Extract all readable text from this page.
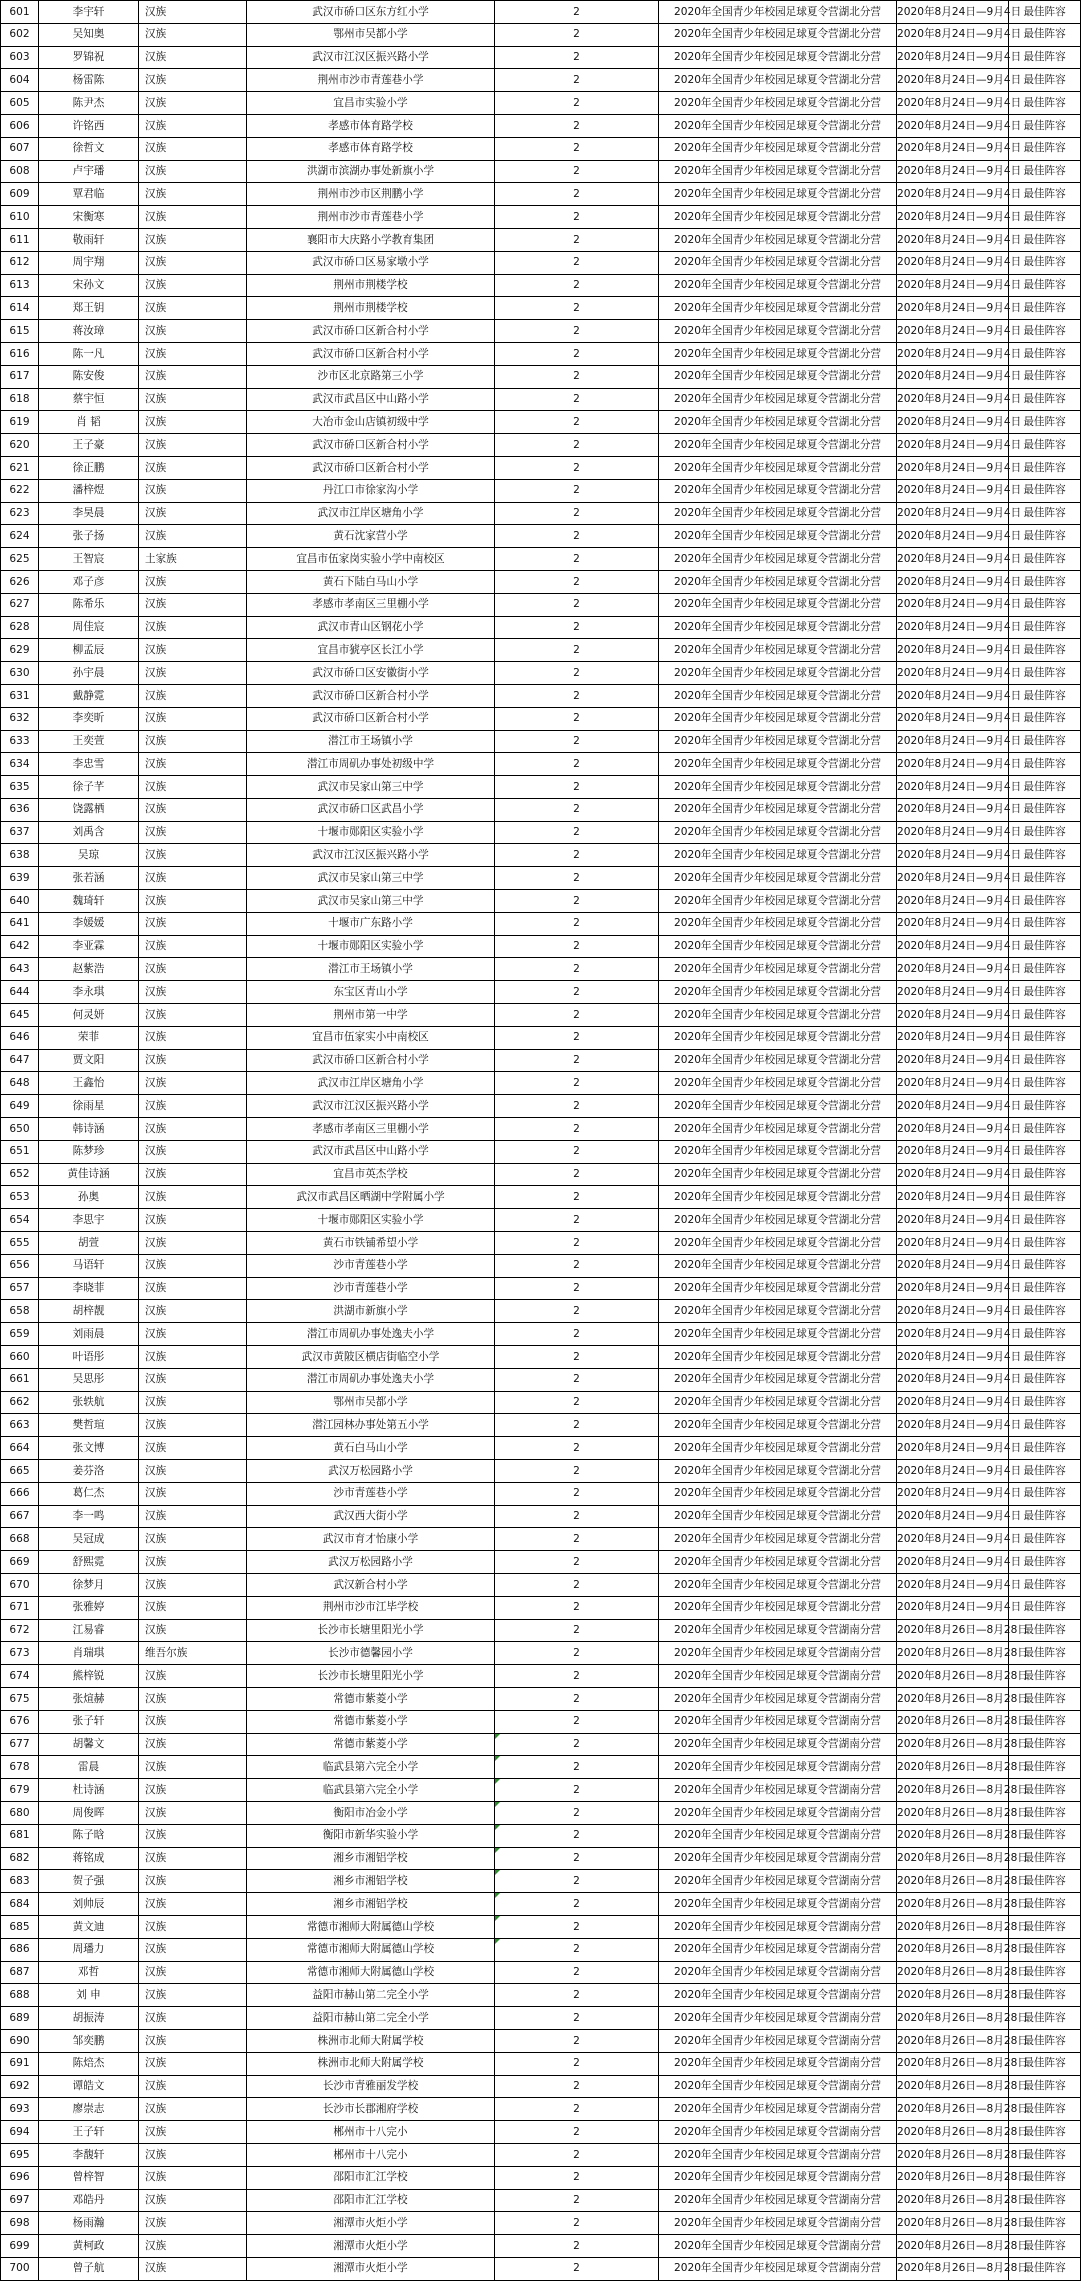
601	李宇轩	汉族	武汉市硚口区东方红小学	2	2020年全国青少年校园足球夏令营湖北分营	2020年8月24日—9月4日	最佳阵容
602	吴知奥	汉族	鄂州市吴都小学	2	2020年全国青少年校园足球夏令营湖北分营	2020年8月24日—9月4日	最佳阵容
603	罗锦祝	汉族	武汉市江汉区振兴路小学	2	2020年全国青少年校园足球夏令营湖北分营	2020年8月24日—9月4日	最佳阵容
604	杨雷陈	汉族	荆州市沙市青莲巷小学	2	2020年全国青少年校园足球夏令营湖北分营	2020年8月24日—9月4日	最佳阵容
605	陈尹杰	汉族	宜昌市实验小学	2	2020年全国青少年校园足球夏令营湖北分营	2020年8月24日—9月4日	最佳阵容
606	许铭西	汉族	孝感市体育路学校	2	2020年全国青少年校园足球夏令营湖北分营	2020年8月24日—9月4日	最佳阵容
607	徐哲文	汉族	孝感市体育路学校	2	2020年全国青少年校园足球夏令营湖北分营	2020年8月24日—9月4日	最佳阵容
608	卢宇璠	汉族	洪湖市滨湖办事处新旗小学	2	2020年全国青少年校园足球夏令营湖北分营	2020年8月24日—9月4日	最佳阵容
609	覃君临	汉族	荆州市沙市区荆鹏小学	2	2020年全国青少年校园足球夏令营湖北分营	2020年8月24日—9月4日	最佳阵容
610	宋衡寒	汉族	荆州市沙市青莲巷小学	2	2020年全国青少年校园足球夏令营湖北分营	2020年8月24日—9月4日	最佳阵容
611	敬雨轩	汉族	襄阳市大庆路小学教育集团	2	2020年全国青少年校园足球夏令营湖北分营	2020年8月24日—9月4日	最佳阵容
612	周宇翔	汉族	武汉市硚口区易家墩小学	2	2020年全国青少年校园足球夏令营湖北分营	2020年8月24日—9月4日	最佳阵容
613	宋孙文	汉族	荆州市荆楼学校	2	2020年全国青少年校园足球夏令营湖北分营	2020年8月24日—9月4日	最佳阵容
614	郑王钥	汉族	荆州市荆楼学校	2	2020年全国青少年校园足球夏令营湖北分营	2020年8月24日—9月4日	最佳阵容
615	蒋汝璋	汉族	武汉市硚口区新合村小学	2	2020年全国青少年校园足球夏令营湖北分营	2020年8月24日—9月4日	最佳阵容
616	陈一凡	汉族	武汉市硚口区新合村小学	2	2020年全国青少年校园足球夏令营湖北分营	2020年8月24日—9月4日	最佳阵容
617	陈安俊	汉族	沙市区北京路第三小学	2	2020年全国青少年校园足球夏令营湖北分营	2020年8月24日—9月4日	最佳阵容
618	蔡宇恒	汉族	武汉市武昌区中山路小学	2	2020年全国青少年校园足球夏令营湖北分营	2020年8月24日—9月4日	最佳阵容
619	肖 韬	汉族	大冶市金山店镇初级中学	2	2020年全国青少年校园足球夏令营湖北分营	2020年8月24日—9月4日	最佳阵容
620	王子豪	汉族	武汉市硚口区新合村小学	2	2020年全国青少年校园足球夏令营湖北分营	2020年8月24日—9月4日	最佳阵容
621	徐正鹏	汉族	武汉市硚口区新合村小学	2	2020年全国青少年校园足球夏令营湖北分营	2020年8月24日—9月4日	最佳阵容
622	潘梓煜	汉族	丹江口市徐家沟小学	2	2020年全国青少年校园足球夏令营湖北分营	2020年8月24日—9月4日	最佳阵容
623	李昊晨	汉族	武汉市江岸区塘角小学	2	2020年全国青少年校园足球夏令营湖北分营	2020年8月24日—9月4日	最佳阵容
624	张子扬	汉族	黄石沈家营小学	2	2020年全国青少年校园足球夏令营湖北分营	2020年8月24日—9月4日	最佳阵容
625	王智宸	土家族	宜昌市伍家岗实验小学中南校区	2	2020年全国青少年校园足球夏令营湖北分营	2020年8月24日—9月4日	最佳阵容
626	邓子彦	汉族	黄石下陆白马山小学	2	2020年全国青少年校园足球夏令营湖北分营	2020年8月24日—9月4日	最佳阵容
627	陈希乐	汉族	孝感市孝南区三里棚小学	2	2020年全国青少年校园足球夏令营湖北分营	2020年8月24日—9月4日	最佳阵容
628	周佳宸	汉族	武汉市青山区钢花小学	2	2020年全国青少年校园足球夏令营湖北分营	2020年8月24日—9月4日	最佳阵容
629	柳孟辰	汉族	宜昌市猇亭区长江小学	2	2020年全国青少年校园足球夏令营湖北分营	2020年8月24日—9月4日	最佳阵容
630	孙宇晨	汉族	武汉市硚口区安徽街小学	2	2020年全国青少年校园足球夏令营湖北分营	2020年8月24日—9月4日	最佳阵容
631	戴静霓	汉族	武汉市硚口区新合村小学	2	2020年全国青少年校园足球夏令营湖北分营	2020年8月24日—9月4日	最佳阵容
632	李奕昕	汉族	武汉市硚口区新合村小学	2	2020年全国青少年校园足球夏令营湖北分营	2020年8月24日—9月4日	最佳阵容
633	王奕萱	汉族	潜江市王场镇小学	2	2020年全国青少年校园足球夏令营湖北分营	2020年8月24日—9月4日	最佳阵容
634	李忠雪	汉族	潜江市周矶办事处初级中学	2	2020年全国青少年校园足球夏令营湖北分营	2020年8月24日—9月4日	最佳阵容
635	徐子芊	汉族	武汉市吴家山第三中学	2	2020年全国青少年校园足球夏令营湖北分营	2020年8月24日—9月4日	最佳阵容
636	饶露栖	汉族	武汉市硚口区武昌小学	2	2020年全国青少年校园足球夏令营湖北分营	2020年8月24日—9月4日	最佳阵容
637	刘禹含	汉族	十堰市郧阳区实验小学	2	2020年全国青少年校园足球夏令营湖北分营	2020年8月24日—9月4日	最佳阵容
638	吴琼	汉族	武汉市江汉区振兴路小学	2	2020年全国青少年校园足球夏令营湖北分营	2020年8月24日—9月4日	最佳阵容
639	张若涵	汉族	武汉市吴家山第三中学	2	2020年全国青少年校园足球夏令营湖北分营	2020年8月24日—9月4日	最佳阵容
640	魏琦轩	汉族	武汉市吴家山第三中学	2	2020年全国青少年校园足球夏令营湖北分营	2020年8月24日—9月4日	最佳阵容
641	李媛媛	汉族	十堰市广东路小学	2	2020年全国青少年校园足球夏令营湖北分营	2020年8月24日—9月4日	最佳阵容
642	李亚霖	汉族	十堰市郧阳区实验小学	2	2020年全国青少年校园足球夏令营湖北分营	2020年8月24日—9月4日	最佳阵容
643	赵紫浩	汉族	潜江市王场镇小学	2	2020年全国青少年校园足球夏令营湖北分营	2020年8月24日—9月4日	最佳阵容
644	李永琪	汉族	东宝区青山小学	2	2020年全国青少年校园足球夏令营湖北分营	2020年8月24日—9月4日	最佳阵容
645	何灵妍	汉族	荆州市第一中学	2	2020年全国青少年校园足球夏令营湖北分营	2020年8月24日—9月4日	最佳阵容
646	荣菲	汉族	宜昌市伍家实小中南校区	2	2020年全国青少年校园足球夏令营湖北分营	2020年8月24日—9月4日	最佳阵容
647	贾文阳	汉族	武汉市硚口区新合村小学	2	2020年全国青少年校园足球夏令营湖北分营	2020年8月24日—9月4日	最佳阵容
648	王鑫怡	汉族	武汉市江岸区塘角小学	2	2020年全国青少年校园足球夏令营湖北分营	2020年8月24日—9月4日	最佳阵容
649	徐雨星	汉族	武汉市江汉区振兴路小学	2	2020年全国青少年校园足球夏令营湖北分营	2020年8月24日—9月4日	最佳阵容
650	韩诗涵	汉族	孝感市孝南区三里棚小学	2	2020年全国青少年校园足球夏令营湖北分营	2020年8月24日—9月4日	最佳阵容
651	陈梦珍	汉族	武汉市武昌区中山路小学	2	2020年全国青少年校园足球夏令营湖北分营	2020年8月24日—9月4日	最佳阵容
652	黄佳诗涵	汉族	宜昌市英杰学校	2	2020年全国青少年校园足球夏令营湖北分营	2020年8月24日—9月4日	最佳阵容
653	孙奥	汉族	武汉市武昌区晒湖中学附属小学	2	2020年全国青少年校园足球夏令营湖北分营	2020年8月24日—9月4日	最佳阵容
654	李思宇	汉族	十堰市郧阳区实验小学	2	2020年全国青少年校园足球夏令营湖北分营	2020年8月24日—9月4日	最佳阵容
655	胡萱	汉族	黄石市铁铺希望小学	2	2020年全国青少年校园足球夏令营湖北分营	2020年8月24日—9月4日	最佳阵容
656	马语轩	汉族	沙市青莲巷小学	2	2020年全国青少年校园足球夏令营湖北分营	2020年8月24日—9月4日	最佳阵容
657	李晓菲	汉族	沙市青莲巷小学	2	2020年全国青少年校园足球夏令营湖北分营	2020年8月24日—9月4日	最佳阵容
658	胡梓靓	汉族	洪湖市新旗小学	2	2020年全国青少年校园足球夏令营湖北分营	2020年8月24日—9月4日	最佳阵容
659	刘雨晨	汉族	潜江市周矶办事处逸夫小学	2	2020年全国青少年校园足球夏令营湖北分营	2020年8月24日—9月4日	最佳阵容
660	叶语彤	汉族	武汉市黄陂区横店街临空小学	2	2020年全国青少年校园足球夏令营湖北分营	2020年8月24日—9月4日	最佳阵容
661	吴思彤	汉族	潜江市周矶办事处逸夫小学	2	2020年全国青少年校园足球夏令营湖北分营	2020年8月24日—9月4日	最佳阵容
662	张轶航	汉族	鄂州市吴都小学	2	2020年全国青少年校园足球夏令营湖北分营	2020年8月24日—9月4日	最佳阵容
663	樊哲瑄	汉族	潜江园林办事处第五小学	2	2020年全国青少年校园足球夏令营湖北分营	2020年8月24日—9月4日	最佳阵容
664	张文博	汉族	黄石白马山小学	2	2020年全国青少年校园足球夏令营湖北分营	2020年8月24日—9月4日	最佳阵容
665	姜芬洛	汉族	武汉万松园路小学	2	2020年全国青少年校园足球夏令营湖北分营	2020年8月24日—9月4日	最佳阵容
666	葛仁杰	汉族	沙市青莲巷小学	2	2020年全国青少年校园足球夏令营湖北分营	2020年8月24日—9月4日	最佳阵容
667	李一鸣	汉族	武汉西大街小学	2	2020年全国青少年校园足球夏令营湖北分营	2020年8月24日—9月4日	最佳阵容
668	吴冠成	汉族	武汉市育才怡康小学	2	2020年全国青少年校园足球夏令营湖北分营	2020年8月24日—9月4日	最佳阵容
669	舒熙霓	汉族	武汉万松园路小学	2	2020年全国青少年校园足球夏令营湖北分营	2020年8月24日—9月4日	最佳阵容
670	徐梦月	汉族	武汉新合村小学	2	2020年全国青少年校园足球夏令营湖北分营	2020年8月24日—9月4日	最佳阵容
671	张雅婷	汉族	荆州市沙市江毕学校	2	2020年全国青少年校园足球夏令营湖北分营	2020年8月24日—9月4日	最佳阵容
672	江易睿	汉族	长沙市长塘里阳光小学	2	2020年全国青少年校园足球夏令营湖南分营	2020年8月26日—8月28日	最佳阵容
673	肖瑞琪	维吾尔族	长沙市德馨园小学	2	2020年全国青少年校园足球夏令营湖南分营	2020年8月26日—8月28日	最佳阵容
674	熊梓锐	汉族	长沙市长塘里阳光小学	2	2020年全国青少年校园足球夏令营湖南分营	2020年8月26日—8月28日	最佳阵容
675	张煊赫	汉族	常德市紫菱小学	2	2020年全国青少年校园足球夏令营湖南分营	2020年8月26日—8月28日	最佳阵容
676	张子轩	汉族	常德市紫菱小学	2	2020年全国青少年校园足球夏令营湖南分营	2020年8月26日—8月28日	最佳阵容
677	胡馨文	汉族	常德市紫菱小学	2	2020年全国青少年校园足球夏令营湖南分营	2020年8月26日—8月28日	最佳阵容
678	雷晨	汉族	临武县第六完全小学	2	2020年全国青少年校园足球夏令营湖南分营	2020年8月26日—8月28日	最佳阵容
679	杜诗涵	汉族	临武县第六完全小学	2	2020年全国青少年校园足球夏令营湖南分营	2020年8月26日—8月28日	最佳阵容
680	周俊晖	汉族	衡阳市冶金小学	2	2020年全国青少年校园足球夏令营湖南分营	2020年8月26日—8月28日	最佳阵容
681	陈子晗	汉族	衡阳市新华实验小学	2	2020年全国青少年校园足球夏令营湖南分营	2020年8月26日—8月28日	最佳阵容
682	蒋铭成	汉族	湘乡市湘铝学校	2	2020年全国青少年校园足球夏令营湖南分营	2020年8月26日—8月28日	最佳阵容
683	贺子强	汉族	湘乡市湘铝学校	2	2020年全国青少年校园足球夏令营湖南分营	2020年8月26日—8月28日	最佳阵容
684	刘帅辰	汉族	湘乡市湘铝学校	2	2020年全国青少年校园足球夏令营湖南分营	2020年8月26日—8月28日	最佳阵容
685	黄文迪	汉族	常德市湘师大附属德山学校	2	2020年全国青少年校园足球夏令营湖南分营	2020年8月26日—8月28日	最佳阵容
686	周璠力	汉族	常德市湘师大附属德山学校	2	2020年全国青少年校园足球夏令营湖南分营	2020年8月26日—8月28日	最佳阵容
687	邓哲	汉族	常德市湘师大附属德山学校	2	2020年全国青少年校园足球夏令营湖南分营	2020年8月26日—8月28日	最佳阵容
688	刘 申	汉族	益阳市赫山第二完全小学	2	2020年全国青少年校园足球夏令营湖南分营	2020年8月26日—8月28日	最佳阵容
689	胡振涛	汉族	益阳市赫山第二完全小学	2	2020年全国青少年校园足球夏令营湖南分营	2020年8月26日—8月28日	最佳阵容
690	邹奕鹏	汉族	株洲市北师大附属学校	2	2020年全国青少年校园足球夏令营湖南分营	2020年8月26日—8月28日	最佳阵容
691	陈焙杰	汉族	株洲市北师大附属学校	2	2020年全国青少年校园足球夏令营湖南分营	2020年8月26日—8月28日	最佳阵容
692	谭皓文	汉族	长沙市青雅丽发学校	2	2020年全国青少年校园足球夏令营湖南分营	2020年8月26日—8月28日	最佳阵容
693	廖崇志	汉族	长沙市长郡湘府学校	2	2020年全国青少年校园足球夏令营湖南分营	2020年8月26日—8月28日	最佳阵容
694	王子轩	汉族	郴州市十八完小	2	2020年全国青少年校园足球夏令营湖南分营	2020年8月26日—8月28日	最佳阵容
695	李馥轩	汉族	郴州市十八完小	2	2020年全国青少年校园足球夏令营湖南分营	2020年8月26日—8月28日	最佳阵容
696	曾梓智	汉族	邵阳市汇江学校	2	2020年全国青少年校园足球夏令营湖南分营	2020年8月26日—8月28日	最佳阵容
697	邓皓丹	汉族	邵阳市汇江学校	2	2020年全国青少年校园足球夏令营湖南分营	2020年8月26日—8月28日	最佳阵容
698	杨雨瀚	汉族	湘潭市火炬小学	2	2020年全国青少年校园足球夏令营湖南分营	2020年8月26日—8月28日	最佳阵容
699	黄柯政	汉族	湘潭市火炬小学	2	2020年全国青少年校园足球夏令营湖南分营	2020年8月26日—8月28日	最佳阵容
700	曾子航	汉族	湘潭市火炬小学	2	2020年全国青少年校园足球夏令营湖南分营	2020年8月26日—8月28日	最佳阵容
